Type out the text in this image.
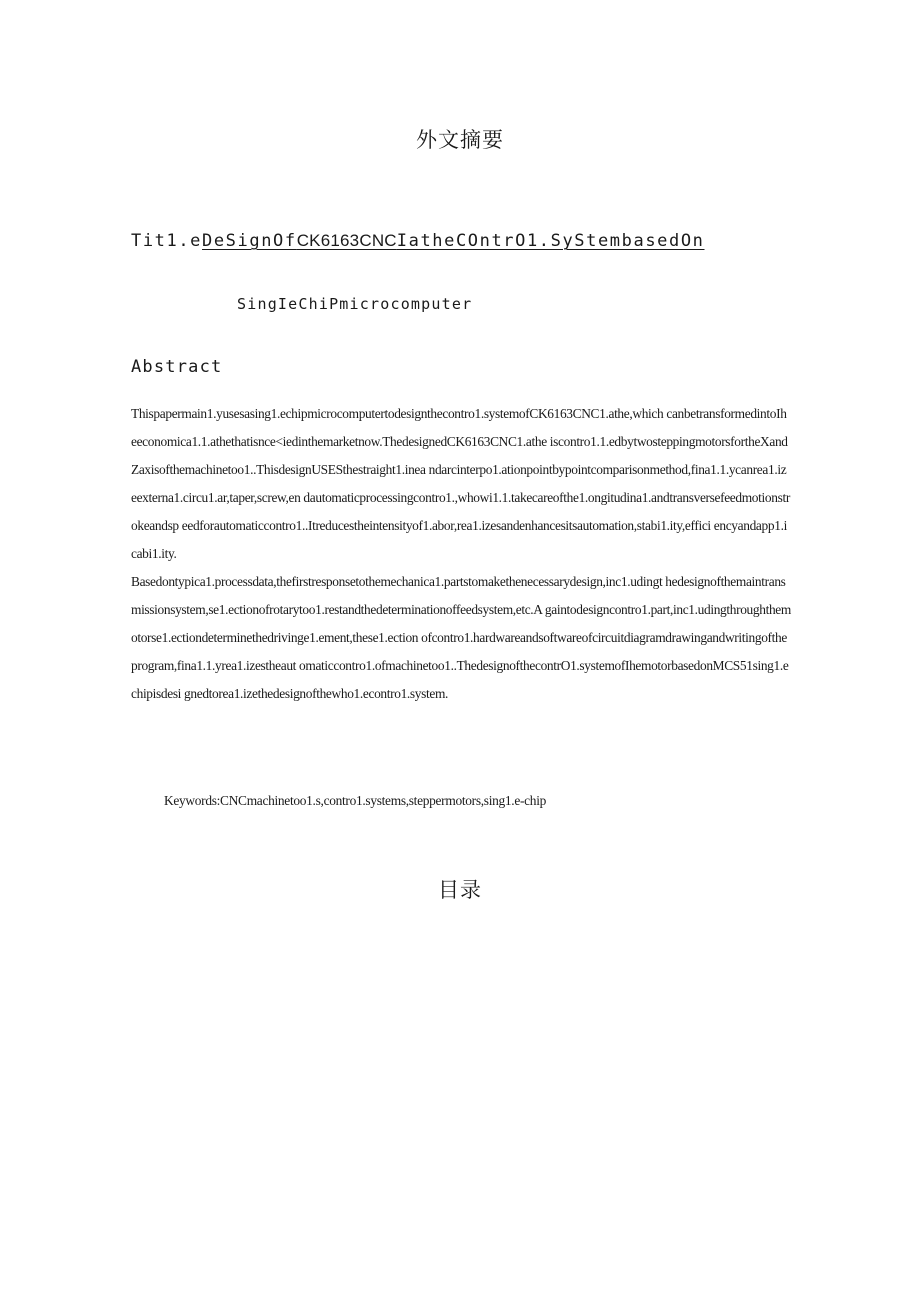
外文摘要
Tit1.eDeSignOfCK6163CNCIatheCOntrO1.SyStembasedOn
SingIeChiPmicrocomputer
Abstract

Thispapermain1.yusesasing1.echipmicrocomputertodesignthecontro1.systemofCK6163CNC1.athe,which canbetransformedintoIheeconomica1.1.athethatisnce<iedinthemarketnow.ThedesignedCK6163CNC1.athe iscontro1.1.edbytwosteppingmotorsfortheXandZaxisofthemachinetoo1..ThisdesignUSESthestraight1.inea ndarcinterpo1.ationpointbypointcomparisonmethod,fina1.1.ycanrea1.izeexterna1.circu1.ar,taper,screw,en dautomaticprocessingcontro1.,whowi1.1.takecareofthe1.ongitudina1.andtransversefeedmotionstrokeandsp eedforautomaticcontro1..Itreducestheintensityof1.abor,rea1.izesandenhancesitsautomation,stabi1.ity,effici encyandapp1.icabi1.ity.

Basedontypica1.processdata,thefirstresponsetothemechanica1.partstomakethenecessarydesign,inc1.udingt hedesignofthemaintransmissionsystem,se1.ectionofrotarytoo1.restandthedeterminationoffeedsystem,etc.A gaintodesigncontro1.part,inc1.udingthroughthemotorse1.ectiondeterminethedrivinge1.ement,these1.ection ofcontro1.hardwareandsoftwareofcircuitdiagramdrawingandwritingoftheprogram,fina1.1.yrea1.izestheaut omaticcontro1.ofmachinetoo1..ThedesignofthecontrO1.systemofIhemotorbasedonMCS51sing1.echipisdesi gnedtorea1.izethedesignofthewho1.econtro1.system.

Keywords:CNCmachinetoo1.s,contro1.systems,steppermotors,sing1.e-chip
目录
